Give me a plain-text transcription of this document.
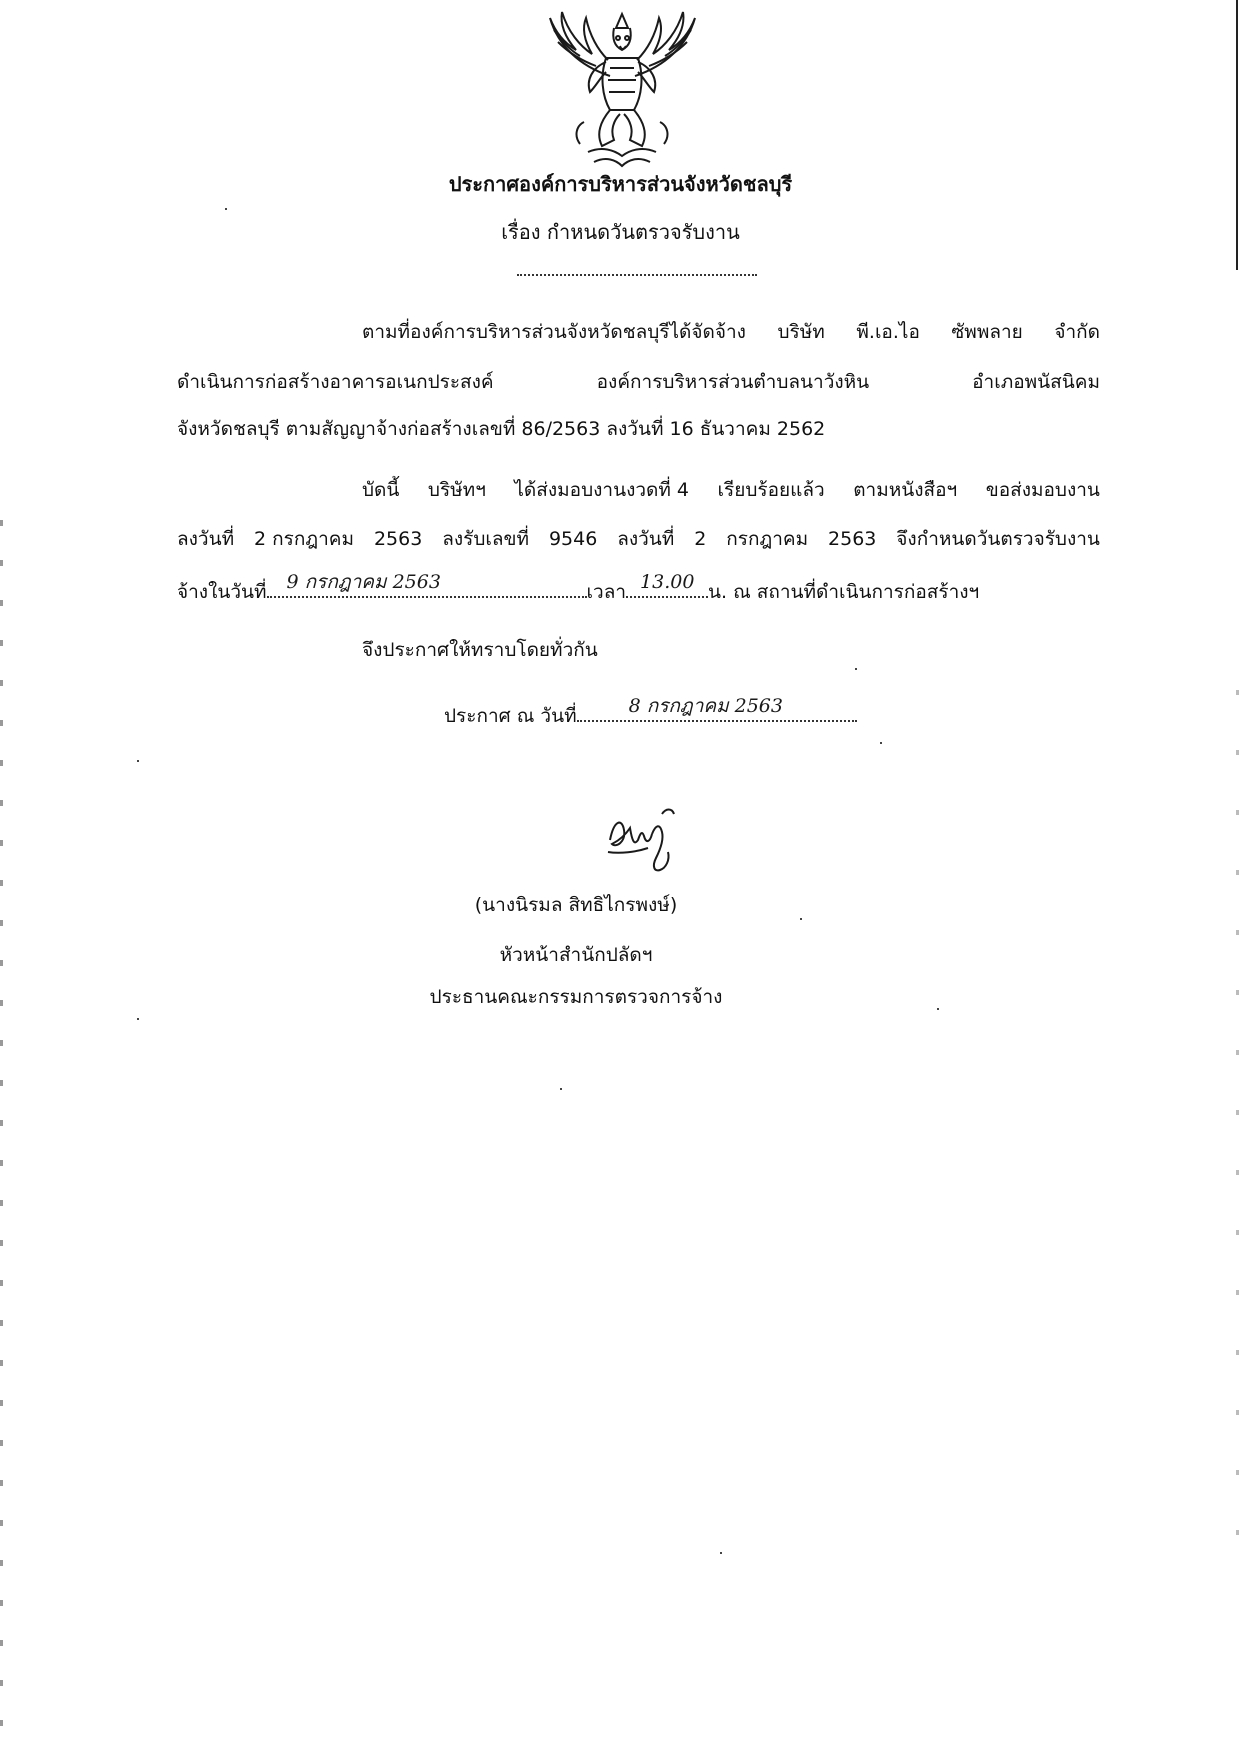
ประกาศองค์การบริหารส่วนจังหวัดชลบุรี
เรื่อง กำหนดวันตรวจรับงาน
ตามที่องค์การบริหารส่วนจังหวัดชลบุรีได้จัดจ้าง บริษัท พี.เอ.ไอ ซัพพลาย จำกัด
ดำเนินการก่อสร้างอาคารอเนกประสงค์	องค์การบริหารส่วนตำบลนาวังหิน	อำเภอพนัสนิคม
จังหวัดชลบุรี ตามสัญญาจ้างก่อสร้างเลขที่ 86/2563 ลงวันที่ 16 ธันวาคม 2562
บัดนี้ บริษัทฯ ได้ส่งมอบงานงวดที่ 4 เรียบร้อยแล้ว ตามหนังสือฯ ขอส่งมอบงาน
ลงวันที่ 2 กรกฎาคม 2563 ลงรับเลขที่ 9546 ลงวันที่ 2 กรกฎาคม 2563 จึงกำหนดวันตรวจรับงาน
จ้างในวันที่ 9 กรกฎาคม 2563	เวลา 13.00 น. ณ สถานที่ดำเนินการก่อสร้างฯ
จึงประกาศให้ทราบโดยทั่วกัน
ประกาศ ณ วันที่	8 กรกฎาคม 2563
(นางนิรมล สิทธิไกรพงษ์)
หัวหน้าสำนักปลัดฯ
ประธานคณะกรรมการตรวจการจ้าง
